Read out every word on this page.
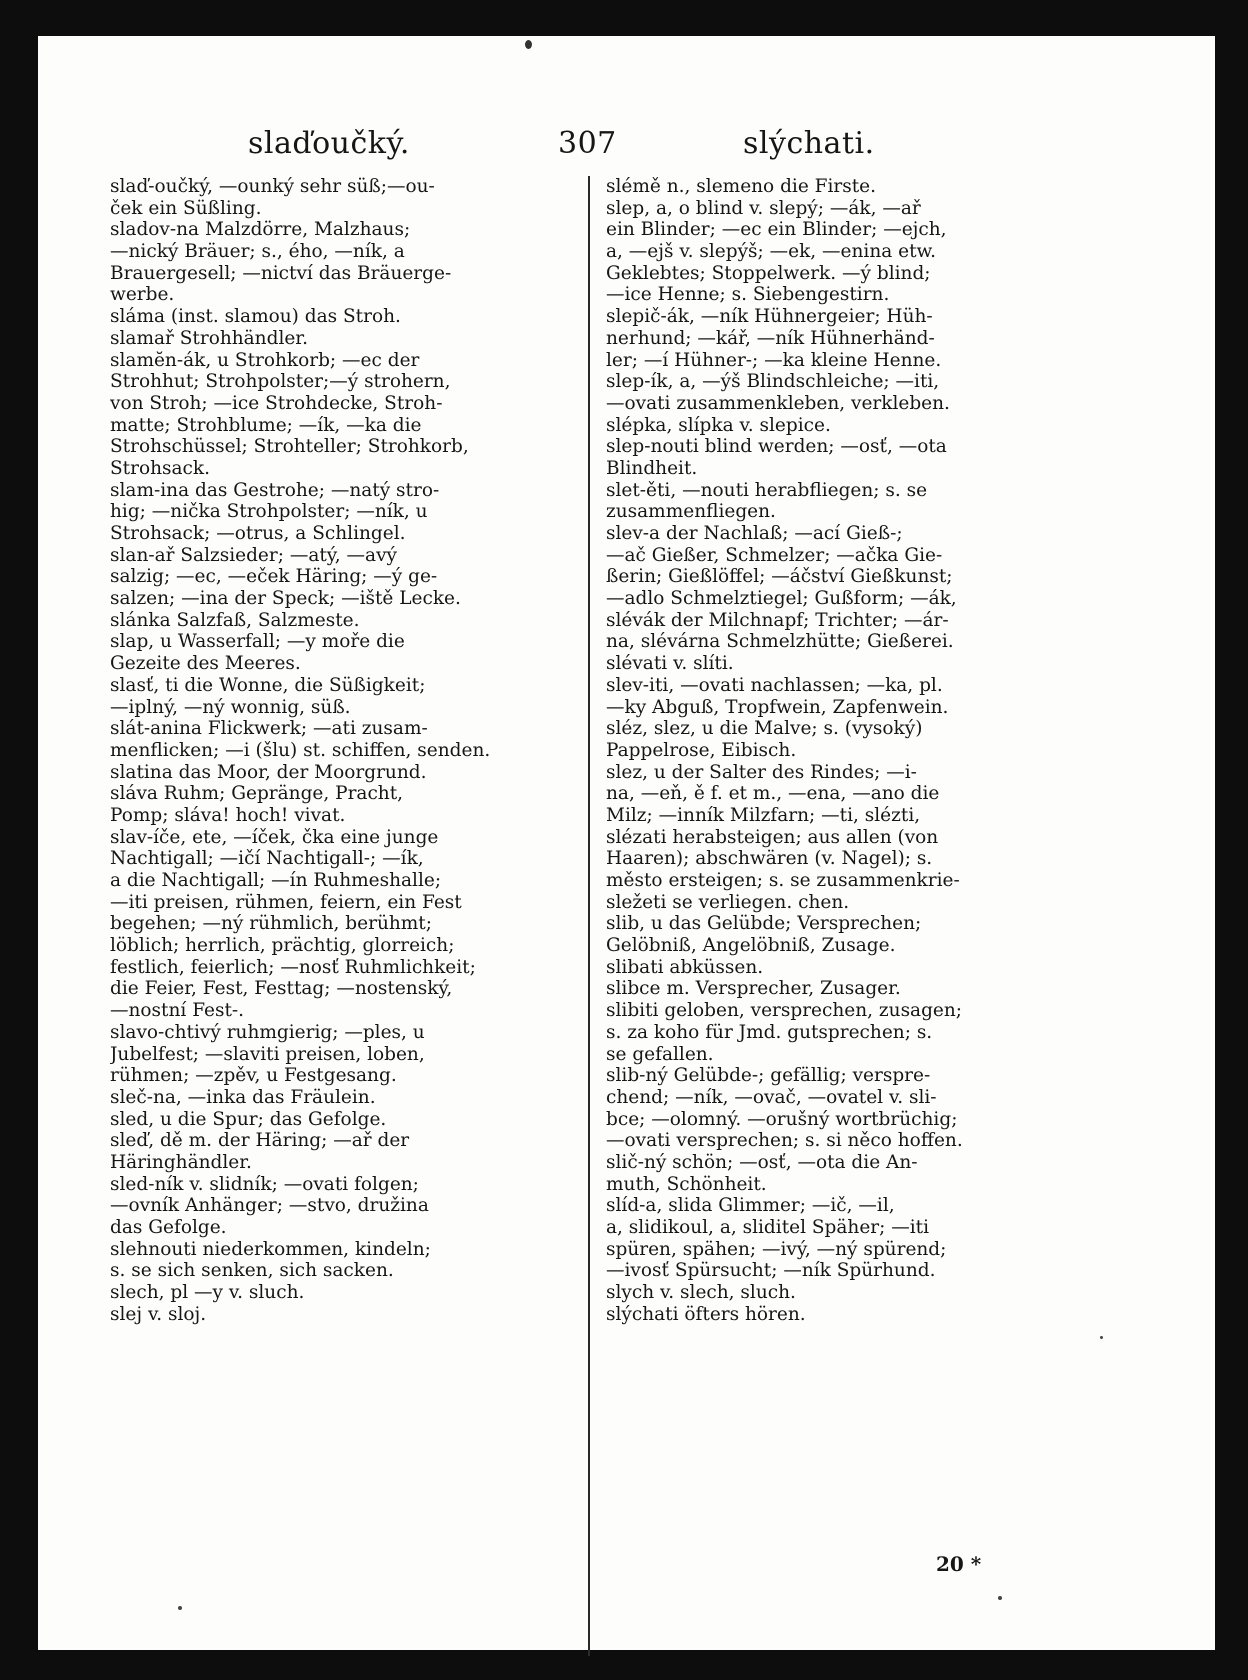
slaďoučký.	307	slýchati.
slaď-oučký, —ounký sehr süß;—ou-
ček ein Süßling.
sladov-na Malzdörre, Malzhaus;
—nický Bräuer; s., ého, —ník, a
Brauergesell; —nictví das Bräuerge-
werbe.
sláma (inst. slamou) das Stroh.
slamař Strohhändler.
slamĕn-ák, u Strohkorb; —ec der
Strohhut; Strohpolster;—ý strohern,
von Stroh; —ice Strohdecke, Stroh-
matte; Strohblume; —ík, —ka die
Strohschüssel; Strohteller; Strohkorb,
Strohsack.
slam-ina das Gestrohe; —natý stro-
hig; —nička Strohpolster; —ník, u
Strohsack; —otrus, a Schlingel.
slan-ař Salzsieder; —atý, —avý
salzig; —ec, —eček Häring; —ý ge-
salzen; —ina der Speck; —iště Lecke.
slánka Salzfaß, Salzmeste.
slap, u Wasserfall; —y moře die
Gezeite des Meeres.
slasť, ti die Wonne, die Süßigkeit;
—iplný, —ný wonnig, süß.
slát-anina Flickwerk; —ati zusam-
menflicken; —i (šlu) st. schiffen, senden.
slatina das Moor, der Moorgrund.
sláva Ruhm; Gepränge, Pracht,
Pomp; sláva! hoch! vivat.
slav-íče, ete, —íček, čka eine junge
Nachtigall; —ičí Nachtigall-; —ík,
a die Nachtigall; —ín Ruhmeshalle;
—iti preisen, rühmen, feiern, ein Fest
begehen; —ný rühmlich, berühmt;
löblich; herrlich, prächtig, glorreich;
festlich, feierlich; —nosť Ruhmlichkeit;
die Feier, Fest, Festtag; —nostenský,
—nostní Fest-.
slavo-chtivý ruhmgierig; —ples, u
Jubelfest; —slaviti preisen, loben,
rühmen; —zpěv, u Festgesang.
sleč-na, —inka das Fräulein.
sled, u die Spur; das Gefolge.
sleď, dě m. der Häring; —ař der
Häringhändler.
sled-ník v. slidník; —ovati folgen;
—ovník Anhänger; —stvo, družina
das Gefolge.
slehnouti niederkommen, kindeln;
s. se sich senken, sich sacken.
slech, pl —y v. sluch.
slej v. sloj.
slémě n., slemeno die Firste.
slep, a, o blind v. slepý; —ák, —ař
ein Blinder; —ec ein Blinder; —ejch,
a, —ejš v. slepýš; —ek, —enina etw.
Geklebtes; Stoppelwerk. —ý blind;
—ice Henne; s. Siebengestirn.
slepič-ák, —ník Hühnergeier; Hüh-
nerhund; —kář, —ník Hühnerhänd-
ler; —í Hühner-; —ka kleine Henne.
slep-ík, a, —ýš Blindschleiche; —iti,
—ovati zusammenkleben, verkleben.
slépka, slípka v. slepice.
slep-nouti blind werden; —osť, —ota
Blindheit.
slet-ěti, —nouti herabfliegen; s. se
zusammenfliegen.
slev-a der Nachlaß; —ací Gieß-;
—ač Gießer, Schmelzer; —ačka Gie-
ßerin; Gießlöffel; —áčství Gießkunst;
—adlo Schmelztiegel; Gußform; —ák,
slévák der Milchnapf; Trichter; —ár-
na, slévárna Schmelzhütte; Gießerei.
slévati v. slíti.
slev-iti, —ovati nachlassen; —ka, pl.
—ky Abguß, Tropfwein, Zapfenwein.
sléz, slez, u die Malve; s. (vysoký)
Pappelrose, Eibisch.
slez, u der Salter des Rindes; —i-
na, —eň, ě f. et m., —ena, —ano die
Milz; —inník Milzfarn; —ti, slézti,
slézati herabsteigen; aus allen (von
Haaren); abschwären (v. Nagel); s.
město ersteigen; s. se zusammenkrie-
sležeti se verliegen. chen.
slib, u das Gelübde; Versprechen;
Gelöbniß, Angelöbniß, Zusage.
slibati abküssen.
slibce m. Versprecher, Zusager.
slibiti geloben, versprechen, zusagen;
s. za koho für Jmd. gutsprechen; s.
se gefallen.
slib-ný Gelübde-; gefällig; verspre-
chend; —ník, —ovač, —ovatel v. sli-
bce; —olomný. —orušný wortbrüchig;
—ovati versprechen; s. si něco hoffen.
slič-ný schön; —osť, —ota die An-
muth, Schönheit.
slíd-a, slida Glimmer; —ič, —il,
a, slidikoul, a, sliditel Späher; —iti
spüren, spähen; —ivý, —ný spürend;
—ivosť Spürsucht; —ník Spürhund.
slych v. slech, sluch.
slýchati öfters hören.
20 *
